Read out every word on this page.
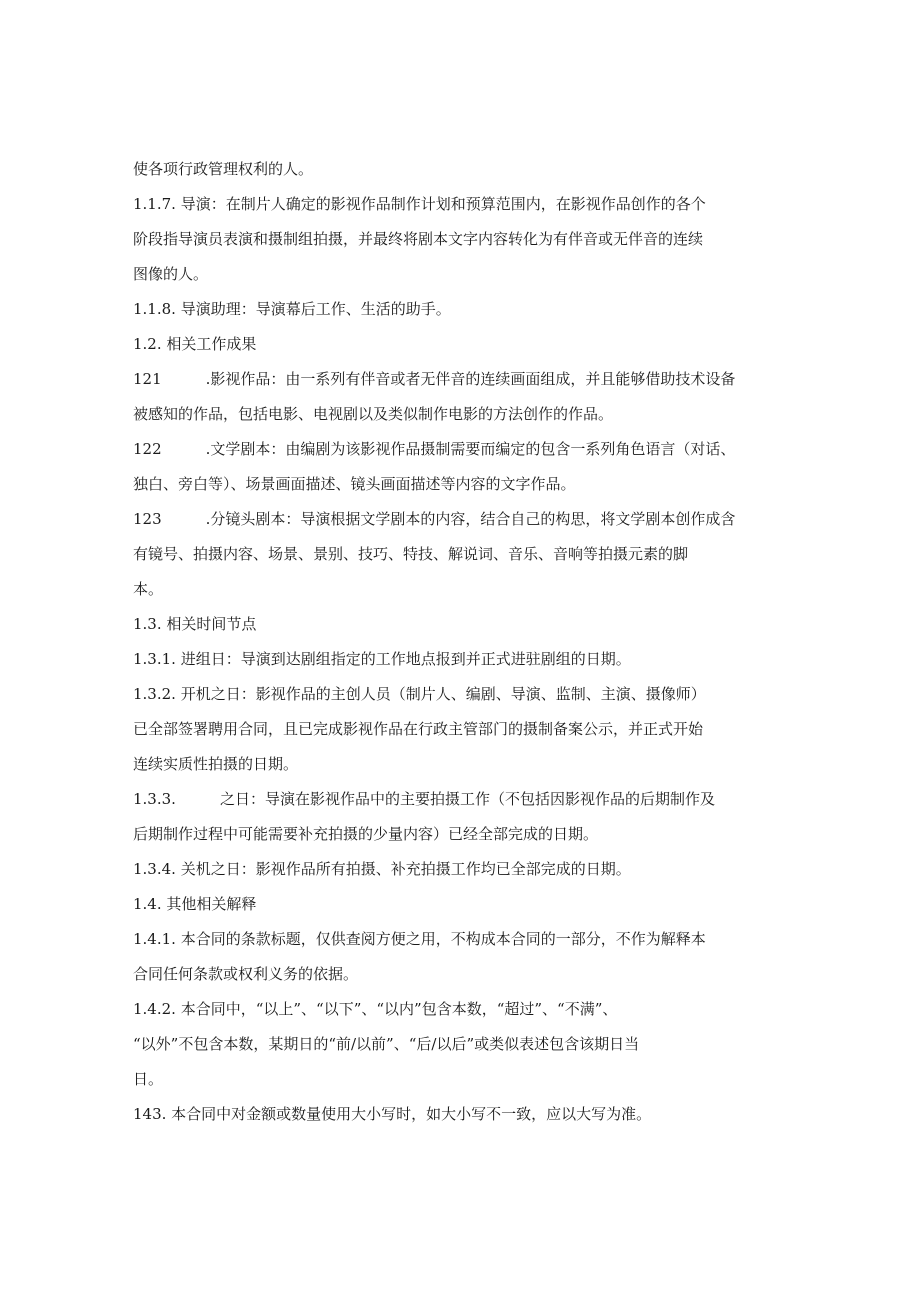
使各项行政管理权利的人。
1.1.7. 导演：在制片人确定的影视作品制作计划和预算范围内，在影视作品创作的各个
阶段指导演员表演和摄制组拍摄，并最终将剧本文字内容转化为有伴音或无伴音的连续
图像的人。
1.1.8. 导演助理：导演幕后工作、生活的助手。
1.2. 相关工作成果
121	.影视作品：由一系列有伴音或者无伴音的连续画面组成，并且能够借助技术设备
被感知的作品，包括电影、电视剧以及类似制作电影的方法创作的作品。
122	.文学剧本：由编剧为该影视作品摄制需要而编定的包含一系列角色语言（对话、
独白、旁白等）、场景画面描述、镜头画面描述等内容的文字作品。
123	.分镜头剧本：导演根据文学剧本的内容，结合自己的构思，将文学剧本创作成含
有镜号、拍摄内容、场景、景别、技巧、特技、解说词、音乐、音响等拍摄元素的脚
本。
1.3. 相关时间节点
1.3.1. 进组日：导演到达剧组指定的工作地点报到并正式进驻剧组的日期。
1.3.2. 开机之日：影视作品的主创人员（制片人、编剧、导演、监制、主演、摄像师）
已全部签署聘用合同，且已完成影视作品在行政主管部门的摄制备案公示，并正式开始
连续实质性拍摄的日期。
1.3.3.	之日：导演在影视作品中的主要拍摄工作（不包括因影视作品的后期制作及
后期制作过程中可能需要补充拍摄的少量内容）已经全部完成的日期。
1.3.4. 关机之日：影视作品所有拍摄、补充拍摄工作均已全部完成的日期。
1.4. 其他相关解释
1.4.1. 本合同的条款标题，仅供查阅方便之用，不构成本合同的一部分，不作为解释本
合同任何条款或权利义务的依据。
1.4.2. 本合同中，“以上”、“以下”、“以内”包含本数，“超过”、“不满”、
“以外”不包含本数，某期日的“前/以前”、“后/以后”或类似表述包含该期日当
日。
143. 本合同中对金额或数量使用大小写时，如大小写不一致，应以大写为准。
